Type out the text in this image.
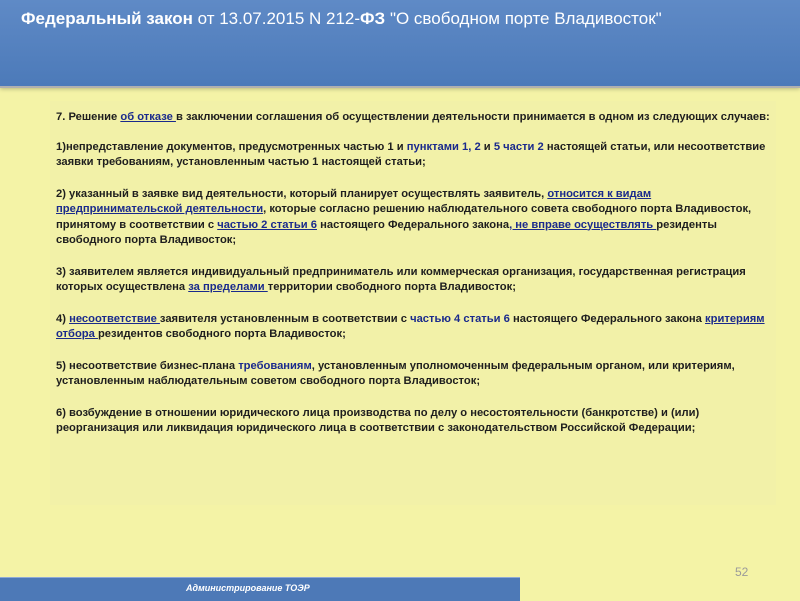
Федеральный закон от 13.07.2015 N 212-ФЗ "О свободном порте Владивосток"

7. Решение об отказе в заключении соглашения об осуществлении деятельности принимается в одном из следующих случаев:

1)непредставление документов, предусмотренных частью 1 и пунктами 1, 2 и 5 части 2 настоящей статьи, или несоответствие заявки требованиям, установленным частью 1 настоящей статьи;

2) указанный в заявке вид деятельности, который планирует осуществлять заявитель, относится к видам предпринимательской деятельности, которые согласно решению наблюдательного совета свободного порта Владивосток, принятому в соответствии с частью 2 статьи 6 настоящего Федерального закона, не вправе осуществлять резиденты свободного порта Владивосток;

3) заявителем является индивидуальный предприниматель или коммерческая организация, государственная регистрация которых осуществлена за пределами территории свободного порта Владивосток;

4) несоответствие заявителя установленным в соответствии с частью 4 статьи 6 настоящего Федерального закона критериям отбора резидентов свободного порта Владивосток;

5) несоответствие бизнес-плана требованиям, установленным уполномоченным федеральным органом, или критериям, установленным наблюдательным советом свободного порта Владивосток;

6) возбуждение в отношении юридического лица производства по делу о несостоятельности (банкротстве) и (или) реорганизация или ликвидация юридического лица в соответствии с законодательством Российской Федерации;

Администрирование ТОЭР
52
